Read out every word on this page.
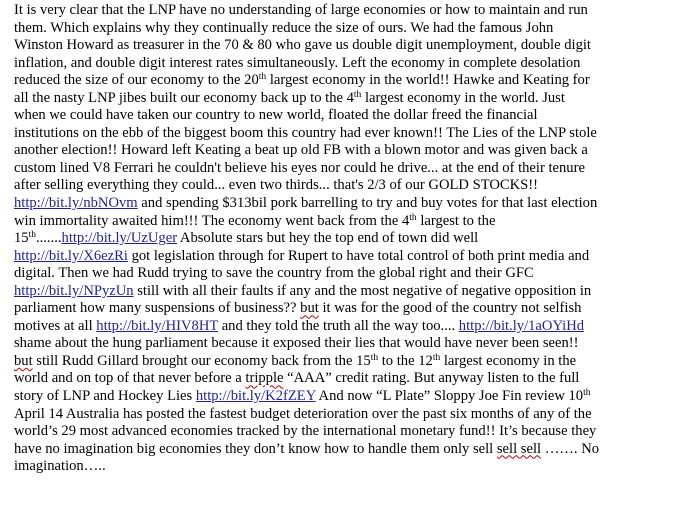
It is very clear that the LNP have no understanding of large economies or how to maintain and run

them. Which explains why they continually reduce the size of ours. We had the famous John

Winston Howard as treasurer in the 70 & 80 who gave us double digit unemployment, double digit

inflation, and double digit interest rates simultaneously. Left the economy in complete desolation

reduced the size of our economy to the 20th largest economy in the world!! Hawke and Keating for

all the nasty LNP jibes built our economy back up to the 4th largest economy in the world. Just

when we could have taken our country to new world, floated the dollar freed the financial

institutions on the ebb of the biggest boom this country had ever known!! The Lies of the LNP stole

another election!! Howard left Keating a beat up old FB with a blown motor and was given back a

custom lined V8 Ferrari he couldn't believe his eyes nor could he drive... at the end of their tenure

after selling everything they could... even two thirds... that's 2/3 of our GOLD STOCKS!!

http://bit.ly/nbNOvm and spending $313bil pork barrelling to try and buy votes for that last election

win immortality awaited him!!! The economy went back from the 4th largest to the

15th.......http://bit.ly/UzUger Absolute stars but hey the top end of town did well

http://bit.ly/X6ezRi got legislation through for Rupert to have total control of both print media and

digital. Then we had Rudd trying to save the country from the global right and their GFC

http://bit.ly/NPyzUn still with all their faults if any and the most negative of negative opposition in

parliament how many suspensions of business?? but it was for the good of the country not selfish

motives at all http://bit.ly/HIV8HT and they told the truth all the way too.... http://bit.ly/1aOYiHd

shame about the hung parliament because it exposed their lies that would have never been seen!!

but still Rudd Gillard brought our economy back from the 15th to the 12th largest economy in the

world and on top of that never before a tripple “AAA” credit rating. But anyway listen to the full

story of LNP and Hockey Lies http://bit.ly/K2fZEY And now “L Plate” Sloppy Joe Fin review 10th

April 14 Australia has posted the fastest budget deterioration over the past six months of any of the

world’s 29 most advanced economies tracked by the international monetary fund!! It’s because they

have no imagination big economies they don’t know how to handle them only sell sell sell ……. No

imagination…..
